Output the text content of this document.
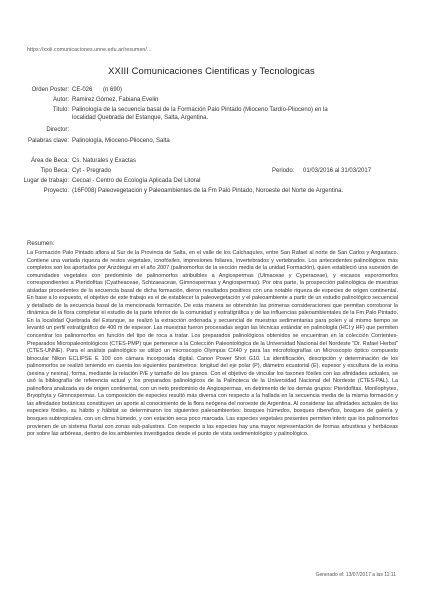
https://xxiii.comunicaciones.unne.edu.ar/resumen/...
XXIII Comunicaciones Cientificas y Tecnologicas
Orden Poster: CE-026 (n 690)
Autor: Ramirez Gómez, Fabiana Evelin
Titulo: Palinología de la secuencia basal de la Formación Palo Pintado (Mioceno Tardío-Plioceno) en la
localidad Quebrada del Estanque, Salta, Argentina.
Director:
Palabras clave: Palinología, Mioceno-Plioceno, Salta
Área de Beca: Cs. Naturales y Exactas
Tipo Beca: Cyt - Pregrado	Periodo: 01/03/2016 al 31/03/2017
Lugar de trabajo: Cecoal - Centro de Ecología Aplicada Del Litoral
Proyecto: (16F008) Paleovegetación y Paleoambientes de la Fm Palo Pintado, Noroeste del Norte de Argentina.
Resumen:
La Formación Palo Pintado aflora al Sur de la Provincia de Salta, en el valle de los Calchaquíes, entre San Rafael al norte de San Carlos y Angastaco. Contiene una variada riqueza de restos vegetales, icnofósiles, impresiones foliares, invertebrados y vertebrados. Los antecedentes palinológicos más completos son los aportados por Anzótegui en el año 2007 (palinomorfos de la sección media de la unidad Formación), quien estableció una sucesión de comunidades vegetales con predominio de palinomorfos atribuibles a Angiospermas (Ulmaceae y Cyperaceae), y escasos esporomorfos correspondientes a Pteridofitas (Cyatheaceae, Schizaeaceae, Gimnospermas y Angiospermas). Por otra parte, la prospección palinológica de muestras aisladas procedentes de la secuencia basal de dicha formación, dieron resultados positivos con una notable riqueza de especies de origen continental. En base a lo expuesto, el objetivo de este trabajo es el de establecer la paleovegetación y el paleoambiente a partir de un estudio palinológico secuencial y detallado de la secuencia basal de la mencionada formación. De esta manera se obtendrán las primeras consideraciones que permitan corroborar la dinámica de la flora completar el estudio de la parte inferior de la comunidad y estratigráfica y de las influencias paleoambientales de la Fm Palo Pintado. En la localidad Quebrada del Estanque, se realizó la extracción ordenada y secuencial de muestras sedimentarias para polen y al mismo tiempo se levantó un perfil estratigráfico de 400 m de espesor. Las muestras fueron procesadas según las técnicas estándar en palinología (HCl y HF) que permiten concentrar los palinomorfos en función del tipo de roca a tratar. Los preparados palinológicos obtenidos se encuentran en la colección Corrientes-Preparados Micropaleontológicos (CTES-PMP) que pertenece a la Colección Paleontológica de la Universidad Nacional del Nordeste "Dr. Rafael Herbst" (CTES-UNNE). Para el análisis palinológico se utilizó un microscopio Olympus CX40 y para las microfotografías un Microscopio óptico compuesto binocular Nikon ECLIPSE E 100 con cámara incorporada digital. Canon Power Shot G10. La identificación, descripción y determinación de los palinomorfos se realizó teniendo en cuenta los siguientes parámetros: longitud del eje polar (P), diámetro ecuatorial (E), espesor y escultura de la exina (sexina y nexina), forma, mediante la relación P/E y tamaño de los granos. Con el objetivo de vincular los taxones fósiles con las afinidades actuales, se usó la bibliografía de referencia actual y los preparados palinológicos de la Palinoteca de la Universidad Nacional del Nordeste (CTES-PAL). La palinoflora analizada es de origen continental, con un neto predominio de Angiospermas, en detrimento de los demás grupos: Pteridofitas, Monilophytes, Bryophyta y Gimnospermas. La composición de especies resultó más diversa con respecto a la hallada en la secuencia media de la misma formación y las afinidades botánicas constituyen un aporte al conocimiento de la flora neógena del noroeste de Argentina. Al considerar las afinidades actuales de las especies fósiles, su hábito y hábitat se determinaron los siguientes paleoambientes: bosques húmedos, bosques ribereños, bosques de galería y bosques subtropicales, con un clima húmedo, y con estación seca poco marcada. Las especies vegetales presentes permiten inferir que los palinomorfos provienen de un sistema fluvial con zonas sub-palustres. Con respecto a las especies hay una mayor representación de formas arbustivas y herbáceas por sobre las arbóreas, dentro de los ambientes investigados desde el punto de vista sedimentológico y palinológico.
Generado el: 13/07/2017 a las 11:11
